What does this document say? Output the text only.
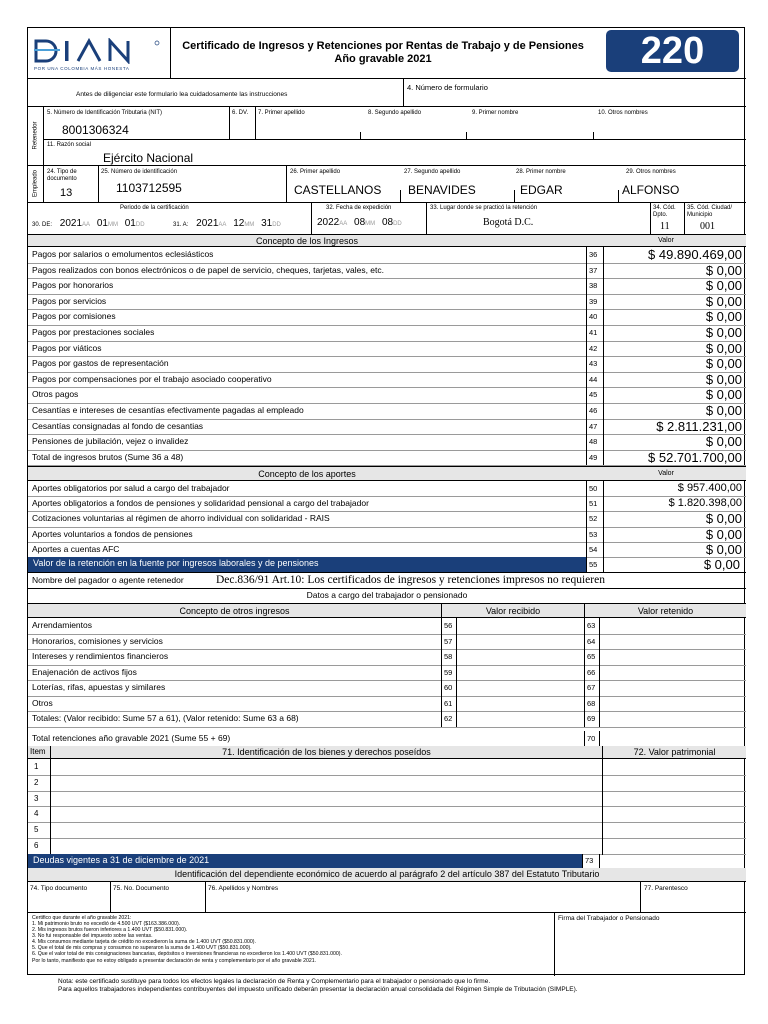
POR UNA COLOMBIA MÁS HONESTA
Certificado de Ingresos y Retenciones por Rentas de Trabajo y de Pensiones
Año gravable 2021	220
Antes de diligenciar este formulario lea cuidadosamente las instrucciones
4. Número de formulario
Retenedor
5. Número de Identificación Tributaria (NIT)
8001306324
6. DV. 7. Primer apellido	8. Segundo apellido	9. Primer nombre	10. Otros nombres
11. Razón social
Ejército Nacional
Empleado 24. Tipo de documento
13
25. Número de identificación
1103712595
26. Primer apellido
CASTELLANOS
27. Segundo apellido
BENAVIDES
28. Primer nombre
EDGAR
29. Otros nombres
ALFONSO
Periodo de la certificación
30. DE: 2021AA 01MM 01DD	31. A: 2021AA 12MM 31DD
32. Fecha de expedición
2022AA 08MM 08DD
33. Lugar donde se practicó la retención
Bogotá D.C.
34. Cód. Dpto.
11
35. Cód. Ciudad/ Municipio
001
Concepto de los Ingresos	Valor
Pagos por salarios o emolumentos eclesiásticos	36	$ 49.890.469,00
Pagos realizados con bonos electrónicos o de papel de servicio, cheques, tarjetas, vales, etc.	37	$ 0,00
Pagos por honorarios	38	$ 0,00
Pagos por servicios	39	$ 0,00
Pagos por comisiones	40	$ 0,00
Pagos por prestaciones sociales	41	$ 0,00
Pagos por viáticos	42	$ 0,00
Pagos por gastos de representación	43	$ 0,00
Pagos por compensaciones por el trabajo asociado cooperativo	44	$ 0,00
Otros pagos	45	$ 0,00
Cesantías e intereses de cesantías efectivamente pagadas al empleado	46	$ 0,00
Cesantías consignadas al fondo de cesantias	47	$ 2.811.231,00
Pensiones de jubilación, vejez o invalidez	48	$ 0,00
Total de ingresos brutos (Sume 36 a 48)	49	$ 52.701.700,00
Concepto de los aportes	Valor
Aportes obligatorios por salud a cargo del trabajador	50	$ 957.400,00
Aportes obligatorios a fondos de pensiones y solidaridad pensional a cargo del trabajador	51	$ 1.820.398,00
Cotizaciones voluntarias al régimen de ahorro individual con solidaridad - RAIS	52	$ 0,00
Aportes voluntarios a fondos de pensiones	53	$ 0,00
Aportes a cuentas AFC	54	$ 0,00
Valor de la retención en la fuente por ingresos laborales y de pensiones	55	$ 0,00
Nombre del pagador o agente retenedor	Dec.836/91 Art.10: Los certificados de ingresos y retenciones impresos no requieren
Datos a cargo del trabajador o pensionado
Concepto de otros ingresos	Valor recibido	Valor retenido
Arrendamientos	56	63
Honorarios, comisiones y servicios	57	64
Intereses y rendimientos financieros	58	65
Enajenación de activos fijos	59	66
Loterías, rifas, apuestas y similares	60	67
Otros	61	68
Totales: (Valor recibido: Sume 57 a 61), (Valor retenido: Sume 63 a 68)	62	69
Total retenciones año gravable 2021 (Sume 55 + 69)	70
Item	71. Identificación de los bienes y derechos poseídos	72. Valor patrimonial
1
2
3
4
5
6
Deudas vigentes a 31 de diciembre de 2021	73
Identificación del dependiente económico de acuerdo al parágrafo 2 del artículo 387 del Estatuto Tributario
74. Tipo documento	75. No. Documento	76. Apellidos y Nombres	77. Parentesco
Certifico que durante el año gravable 2021:
1. Mi patrimonio bruto no excedió de 4.500 UVT ($163.386.000).
2. Mis ingresos brutos fueron inferiores a 1.400 UVT ($50.831.000).
3. No fui responsable del impuesto sobre las ventas.
4. Mis consumos mediante tarjeta de crédito no excedieron la suma de 1.400 UVT ($50.831.000).
5. Que el total de mis compras y consumos no superaron la suma de 1.400 UVT ($50.831.000).
6. Que el valor total de mis consignaciones bancarias, depósitos o inversiones financieras no excedieron los 1.400 UVT ($50.831.000).
Por lo tanto, manifiesto que no estoy obligado a presentar declaración de renta y complementario por el año gravable 2021.
Firma del Trabajador o Pensionado
Nota: este certificado sustituye para todos los efectos legales la declaración de Renta y Complementario para el trabajador o pensionado que lo firme.
Para aquellos trabajadores independientes contribuyentes del impuesto unificado deberán presentar la declaración anual consolidada del Régimen Simple de Tributación (SIMPLE).
